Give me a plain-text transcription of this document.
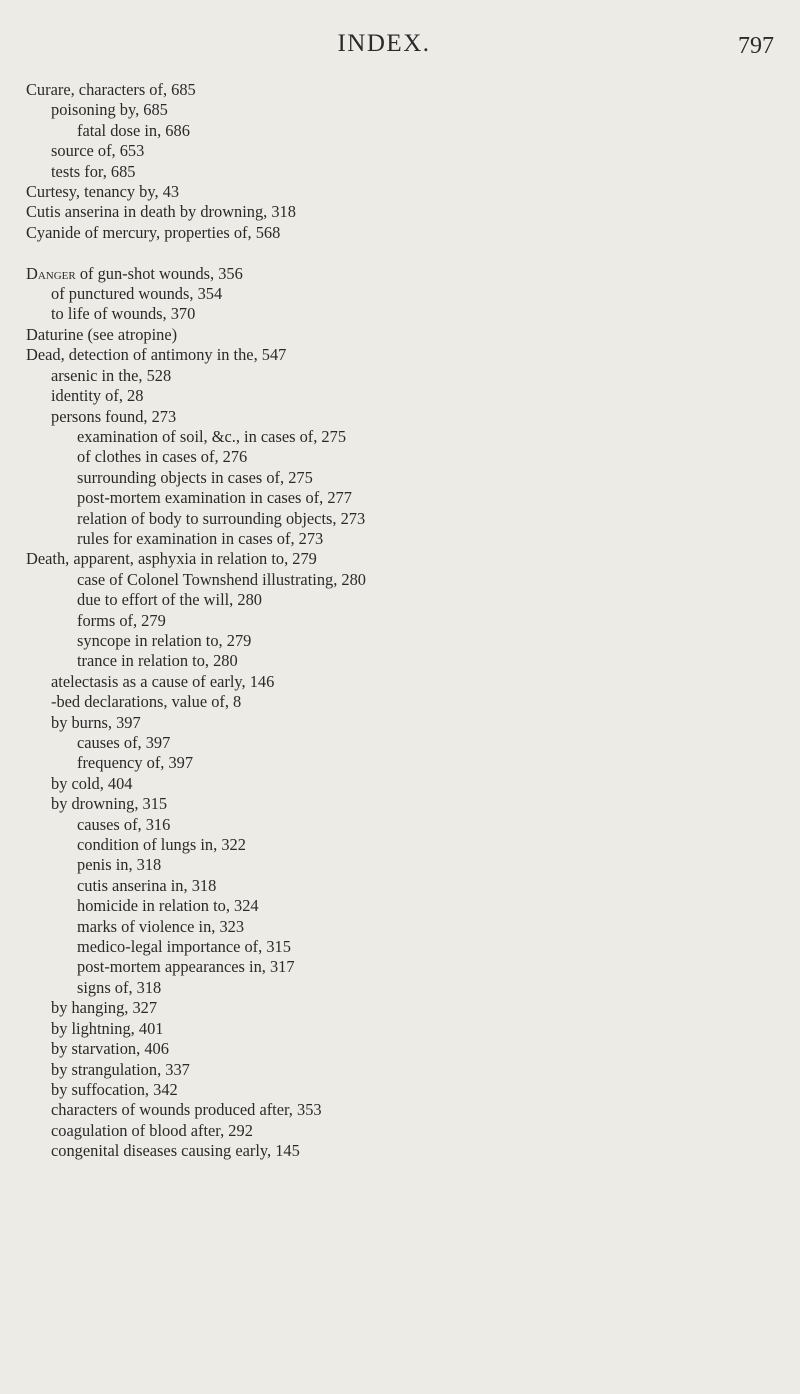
INDEX.	797
Curare, characters of, 685
poisoning by, 685
fatal dose in, 686
source of, 653
tests for, 685
Curtesy, tenancy by, 43
Cutis anserina in death by drowning, 318
Cyanide of mercury, properties of, 568
Danger of gun-shot wounds, 356
of punctured wounds, 354
to life of wounds, 370
Daturine (see atropine)
Dead, detection of antimony in the, 547
arsenic in the, 528
identity of, 28
persons found, 273
examination of soil, &c., in cases of, 275
of clothes in cases of, 276
surrounding objects in cases of, 275
post-mortem examination in cases of, 277
relation of body to surrounding objects, 273
rules for examination in cases of, 273
Death, apparent, asphyxia in relation to, 279
case of Colonel Townshend illustrating, 280
due to effort of the will, 280
forms of, 279
syncope in relation to, 279
trance in relation to, 280
atelectasis as a cause of early, 146
-bed declarations, value of, 8
by burns, 397
causes of, 397
frequency of, 397
by cold, 404
by drowning, 315
causes of, 316
condition of lungs in, 322
penis in, 318
cutis anserina in, 318
homicide in relation to, 324
marks of violence in, 323
medico-legal importance of, 315
post-mortem appearances in, 317
signs of, 318
by hanging, 327
by lightning, 401
by starvation, 406
by strangulation, 337
by suffocation, 342
characters of wounds produced after, 353
coagulation of blood after, 292
congenital diseases causing early, 145
